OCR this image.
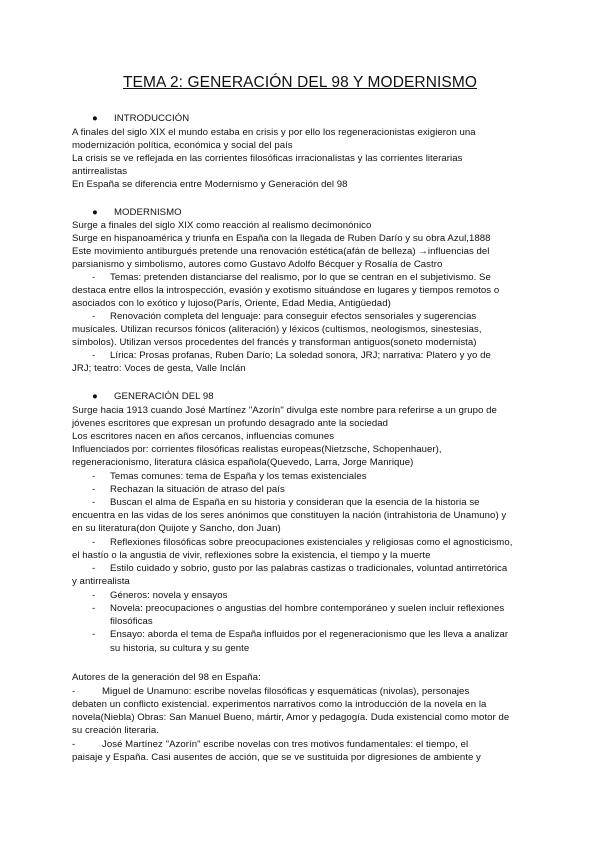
TEMA 2: GENERACIÓN DEL 98 Y MODERNISMO
● INTRODUCCIÓN
A finales del siglo XIX el mundo estaba en crisis y por ello los regeneracionistas exigieron una
modernización política, económica y social del país
La crisis se ve reflejada en las corrientes filosóficas irracionalistas y las corrientes literarias
antirrealistas
En España se diferencia entre Modernismo y Generación del 98
● MODERNISMO
Surge a finales del siglo XIX como reacción al realismo decimonónico
Surge en hispanoamérica y triunfa en España con la llegada de Ruben Darío y su obra Azul,1888
Este movimiento antiburgués pretende una renovación estética(afán de belleza) →influencias del
parsianismo y simbolismo, autores como Gustavo Adolfo Bécquer y Rosalía de Castro
- Temas: pretenden distanciarse del realismo, por lo que se centran en el subjetivismo. Se
destaca entre ellos la introspección, evasión y exotismo situándose en lugares y tiempos remotos o
asociados con lo exótico y lujoso(París, Oriente, Edad Media, Antigüedad)
- Renovación completa del lenguaje: para conseguir efectos sensoriales y sugerencias
musicales. Utilizan recursos fónicos (aliteración) y léxicos (cultismos, neologismos, sinestesias,
símbolos). Utilizan versos procedentes del francés y transforman antiguos(soneto modernista)
- Lírica: Prosas profanas, Ruben Darío; La soledad sonora, JRJ; narrativa: Platero y yo de
JRJ; teatro: Voces de gesta, Valle Inclán
● GENERACIÓN DEL 98
Surge hacia 1913 cuando José Martínez "Azorín" divulga este nombre para referirse a un grupo de
jóvenes escritores que expresan un profundo desagrado ante la sociedad
Los escritores nacen en años cercanos, influencias comunes
Influenciados por: corrientes filosóficas realistas europeas(Nietzsche, Schopenhauer),
regeneracionismo, literatura clásica española(Quevedo, Larra, Jorge Manrique)
- Temas comunes: tema de España y los temas existenciales
- Rechazan la situación de atraso del país
- Buscan el alma de España en su historia y consideran que la esencia de la historia se
encuentra en las vidas de los seres anónimos que constituyen la nación (intrahistoria de Unamuno) y
en su literatura(don Quijote y Sancho, don Juan)
- Reflexiones filosóficas sobre preocupaciones existenciales y religiosas como el agnosticismo,
el hastío o la angustia de vivir, reflexiones sobre la existencia, el tiempo y la muerte
- Estilo cuidado y sobrio, gusto por las palabras castizas o tradicionales, voluntad antirretórica
y antirrealista
- Géneros: novela y ensayos
- Novela: preocupaciones o angustias del hombre contemporáneo y suelen incluir reflexiones
filosóficas
- Ensayo: aborda el tema de España influidos por el regeneracionismo que les lleva a analizar
su historia, su cultura y su gente
Autores de la generación del 98 en España:
-	Miguel de Unamuno: escribe novelas filosóficas y esquemáticas (nivolas), personajes
debaten un conflicto existencial. experimentos narrativos como la introducción de la novela en la
novela(Niebla) Obras: San Manuel Bueno, mártir, Amor y pedagogía. Duda existencial como motor de
su creación literaria.
-	José Martínez "Azorín" escribe novelas con tres motivos fundamentales: el tiempo, el
paisaje y España. Casi ausentes de acción, que se ve sustituida por digresiones de ambiente y
